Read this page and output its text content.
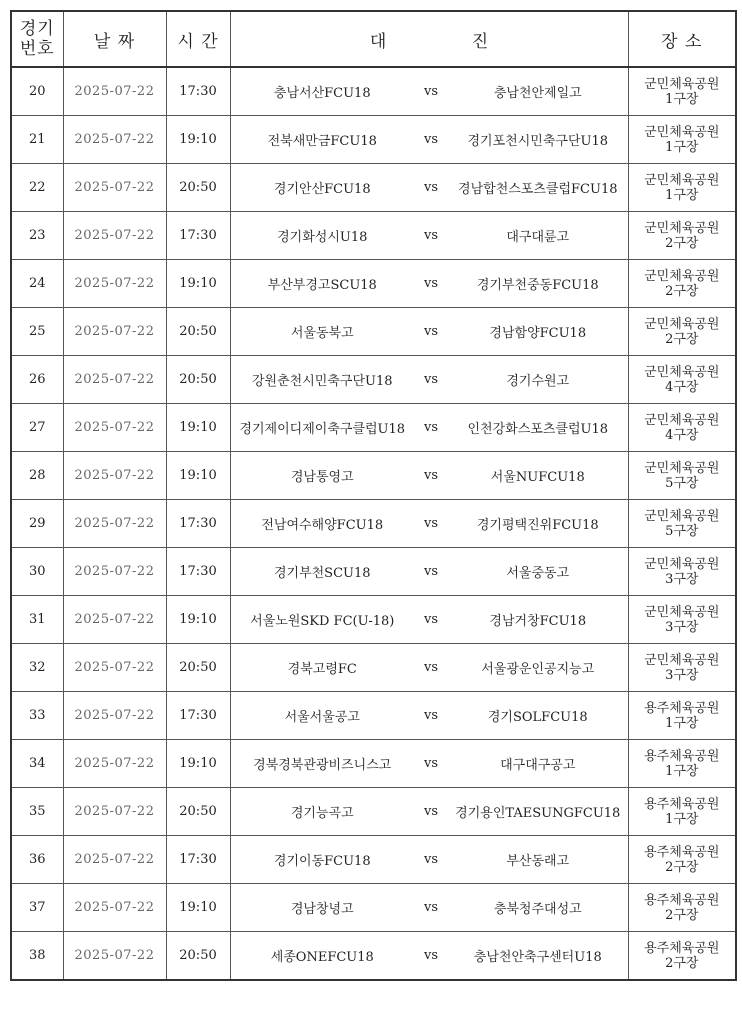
경기
번호	날 짜	시 간	대 진			장 소
20	2025-07-22	17:30	충남서산FCU18	vs	충남천안제일고	군민체육공원
1구장

21	2025-07-22	19:10	전북새만금FCU18	vs	경기포천시민축구단U18	군민체육공원
1구장

22	2025-07-22	20:50	경기안산FCU18	vs	경남합천스포츠클럽FCU18	군민체육공원
1구장

23	2025-07-22	17:30	경기화성시U18	vs	대구대륜고	군민체육공원
2구장

24	2025-07-22	19:10	부산부경고SCU18	vs	경기부천중동FCU18	군민체육공원
2구장

25	2025-07-22	20:50	서울동북고	vs	경남함양FCU18	군민체육공원
2구장

26	2025-07-22	20:50	강원춘천시민축구단U18	vs	경기수원고	군민체육공원
4구장

27	2025-07-22	19:10	경기제이디제이축구클럽U18	vs	인천강화스포츠클럽U18	군민체육공원
4구장

28	2025-07-22	19:10	경남통영고	vs	서울NUFCU18	군민체육공원
5구장

29	2025-07-22	17:30	전남여수해양FCU18	vs	경기평택진위FCU18	군민체육공원
5구장

30	2025-07-22	17:30	경기부천SCU18	vs	서울중동고	군민체육공원
3구장

31	2025-07-22	19:10	서울노원SKD FC(U-18)	vs	경남거창FCU18	군민체육공원
3구장

32	2025-07-22	20:50	경북고령FC	vs	서울광운인공지능고	군민체육공원
3구장

33	2025-07-22	17:30	서울서울공고	vs	경기SOLFCU18	용주체육공원
1구장

34	2025-07-22	19:10	경북경북관광비즈니스고	vs	대구대구공고	용주체육공원
1구장

35	2025-07-22	20:50	경기능곡고	vs	경기용인TAESUNGFCU18	용주체육공원
1구장

36	2025-07-22	17:30	경기이동FCU18	vs	부산동래고	용주체육공원
2구장

37	2025-07-22	19:10	경남창녕고	vs	충북청주대성고	용주체육공원
2구장

38	2025-07-22	20:50	세종ONEFCU18	vs	충남천안축구센터U18	용주체육공원
2구장
